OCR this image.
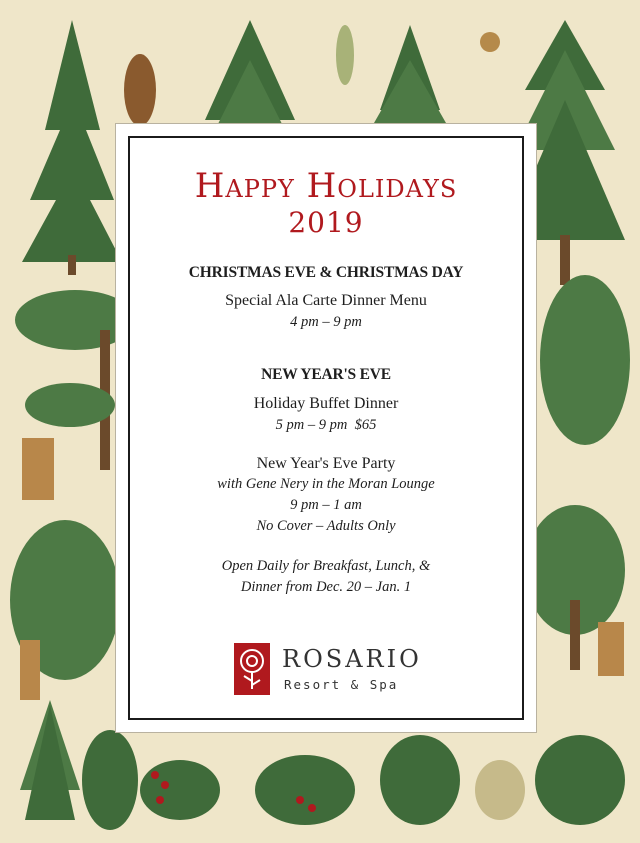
Happy Holidays
2019
CHRISTMAS EVE & CHRISTMAS DAY
Special Ala Carte Dinner Menu
4 pm – 9 pm
NEW YEAR'S EVE
Holiday Buffet Dinner
5 pm – 9 pm $65
New Year's Eve Party
with Gene Nery in the Moran Lounge
9 pm – 1 am
No Cover – Adults Only
Open Daily for Breakfast, Lunch, &
Dinner from Dec. 20 – Jan. 1
ROSARIO
Resort & Spa
